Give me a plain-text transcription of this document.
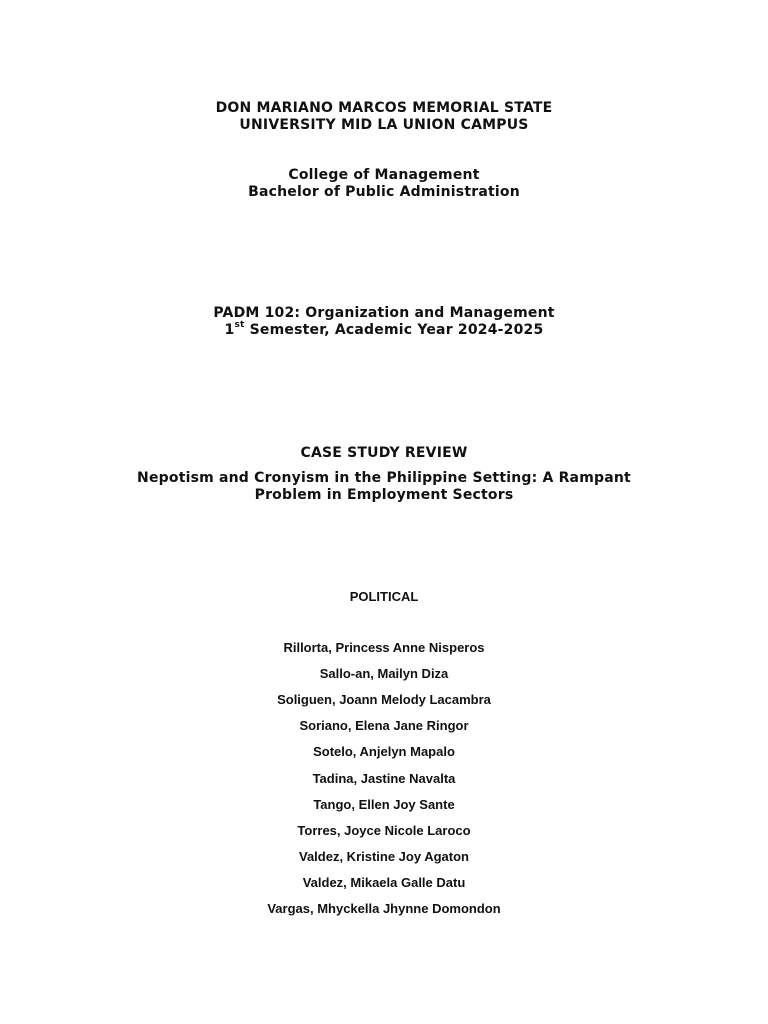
DON MARIANO MARCOS MEMORIAL STATE
UNIVERSITY MID LA UNION CAMPUS
College of Management
Bachelor of Public Administration
PADM 102: Organization and Management
1st Semester, Academic Year 2024-2025
CASE STUDY REVIEW
Nepotism and Cronyism in the Philippine Setting: A Rampant
Problem in Employment Sectors
POLITICAL
Rillorta, Princess Anne Nisperos
Sallo-an, Mailyn Diza
Soliguen, Joann Melody Lacambra
Soriano, Elena Jane Ringor
Sotelo, Anjelyn Mapalo
Tadina, Jastine Navalta
Tango, Ellen Joy Sante
Torres, Joyce Nicole Laroco
Valdez, Kristine Joy Agaton
Valdez, Mikaela Galle Datu
Vargas, Mhyckella Jhynne Domondon
